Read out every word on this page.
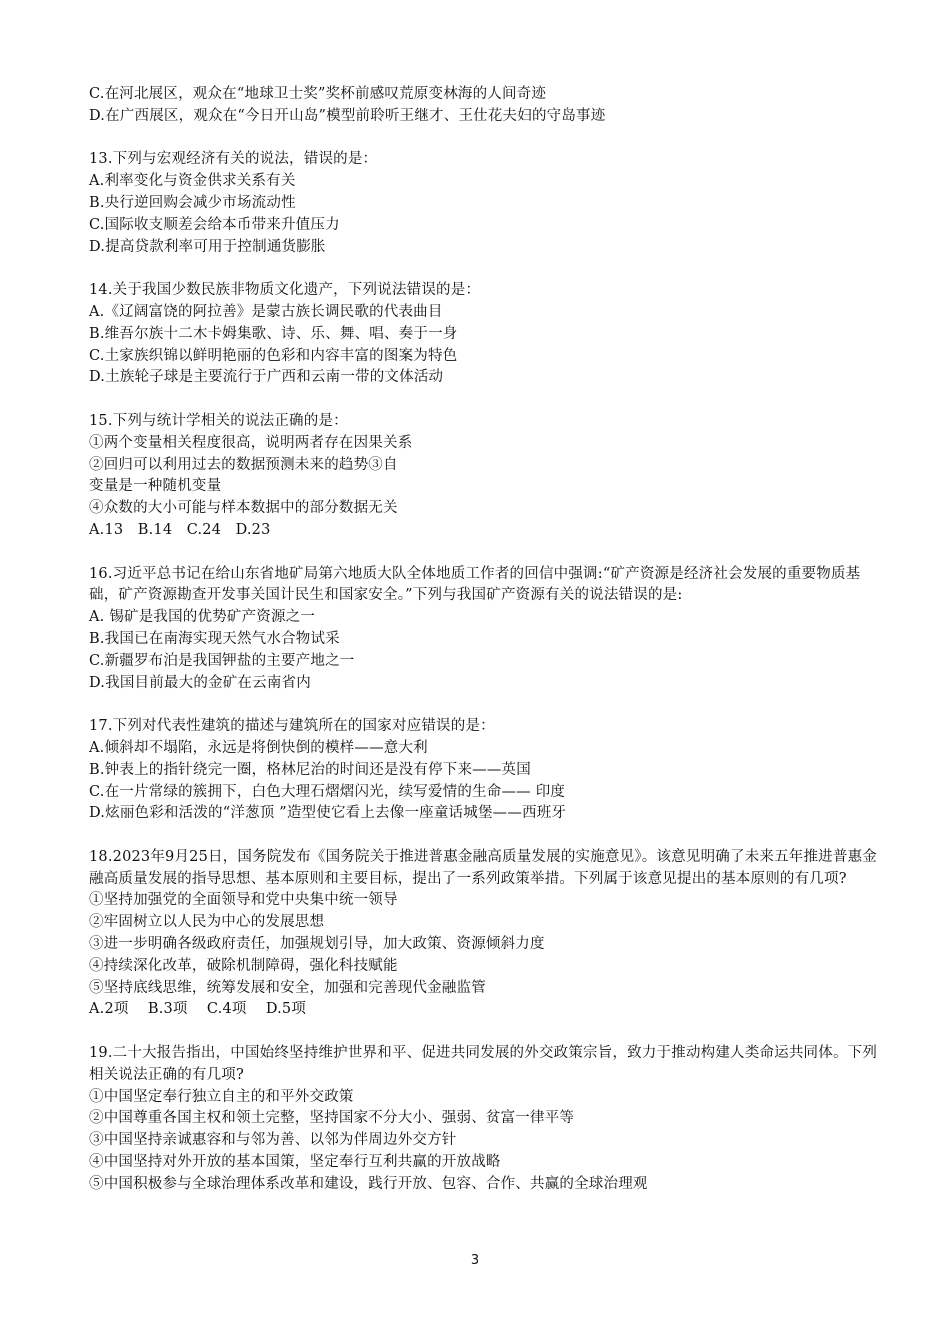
C.在河北展区，观众在“地球卫士奖”奖杯前感叹荒原变林海的人间奇迹
D.在广西展区，观众在“今日开山岛”模型前聆听王继才、王仕花夫妇的守岛事迹
13.下列与宏观经济有关的说法，错误的是：
A.利率变化与资金供求关系有关
B.央行逆回购会减少市场流动性
C.国际收支顺差会给本币带来升值压力
D.提高贷款利率可用于控制通货膨胀
14.关于我国少数民族非物质文化遗产，下列说法错误的是：
A.《辽阔富饶的阿拉善》是蒙古族长调民歌的代表曲目
B.维吾尔族十二木卡姆集歌、诗、乐、舞、唱、奏于一身
C.土家族织锦以鲜明艳丽的色彩和内容丰富的图案为特色
D.土族轮子球是主要流行于广西和云南一带的文体活动
15.下列与统计学相关的说法正确的是：
①两个变量相关程度很高，说明两者存在因果关系
②回归可以利用过去的数据预测未来的趋势③自
变量是一种随机变量
④众数的大小可能与样本数据中的部分数据无关
A.13   B.14   C.24   D.23
16.习近平总书记在给山东省地矿局第六地质大队全体地质工作者的回信中强调:“矿产资源是经济社会发展的重要物质基础，矿产资源勘查开发事关国计民生和国家安全。”下列与我国矿产资源有关的说法错误的是:
A. 锡矿是我国的优势矿产资源之一
B.我国已在南海实现天然气水合物试采
C.新疆罗布泊是我国钾盐的主要产地之一
D.我国目前最大的金矿在云南省内
17.下列对代表性建筑的描述与建筑所在的国家对应错误的是：
A.倾斜却不塌陷，永远是将倒快倒的模样——意大利
B.钟表上的指针绕完一圈，格林尼治的时间还是没有停下来——英国
C.在一片常绿的簇拥下，白色大理石熠熠闪光，续写爱情的生命—— 印度
D.炫丽色彩和活泼的“洋葱顶 ”造型使它看上去像一座童话城堡——西班牙
18.2023年9月25日，国务院发布《国务院关于推进普惠金融高质量发展的实施意见》。该意见明确了未来五年推进普惠金融高质量发展的指导思想、基本原则和主要目标，提出了一系列政策举措。下列属于该意见提出的基本原则的有几项?
①坚持加强党的全面领导和党中央集中统一领导
②牢固树立以人民为中心的发展思想
③进一步明确各级政府责任，加强规划引导，加大政策、资源倾斜力度
④持续深化改革，破除机制障碍，强化科技赋能
⑤坚持底线思维，统筹发展和安全，加强和完善现代金融监管
A.2项    B.3项    C.4项    D.5项
19.二十大报告指出，中国始终坚持维护世界和平、促进共同发展的外交政策宗旨，致力于推动构建人类命运共同体。下列相关说法正确的有几项?
①中国坚定奉行独立自主的和平外交政策
②中国尊重各国主权和领土完整，坚持国家不分大小、强弱、贫富一律平等
③中国坚持亲诚惠容和与邻为善、以邻为伴周边外交方针
④中国坚持对外开放的基本国策，坚定奉行互利共赢的开放战略
⑤中国积极参与全球治理体系改革和建设，践行开放、包容、合作、共赢的全球治理观
3
